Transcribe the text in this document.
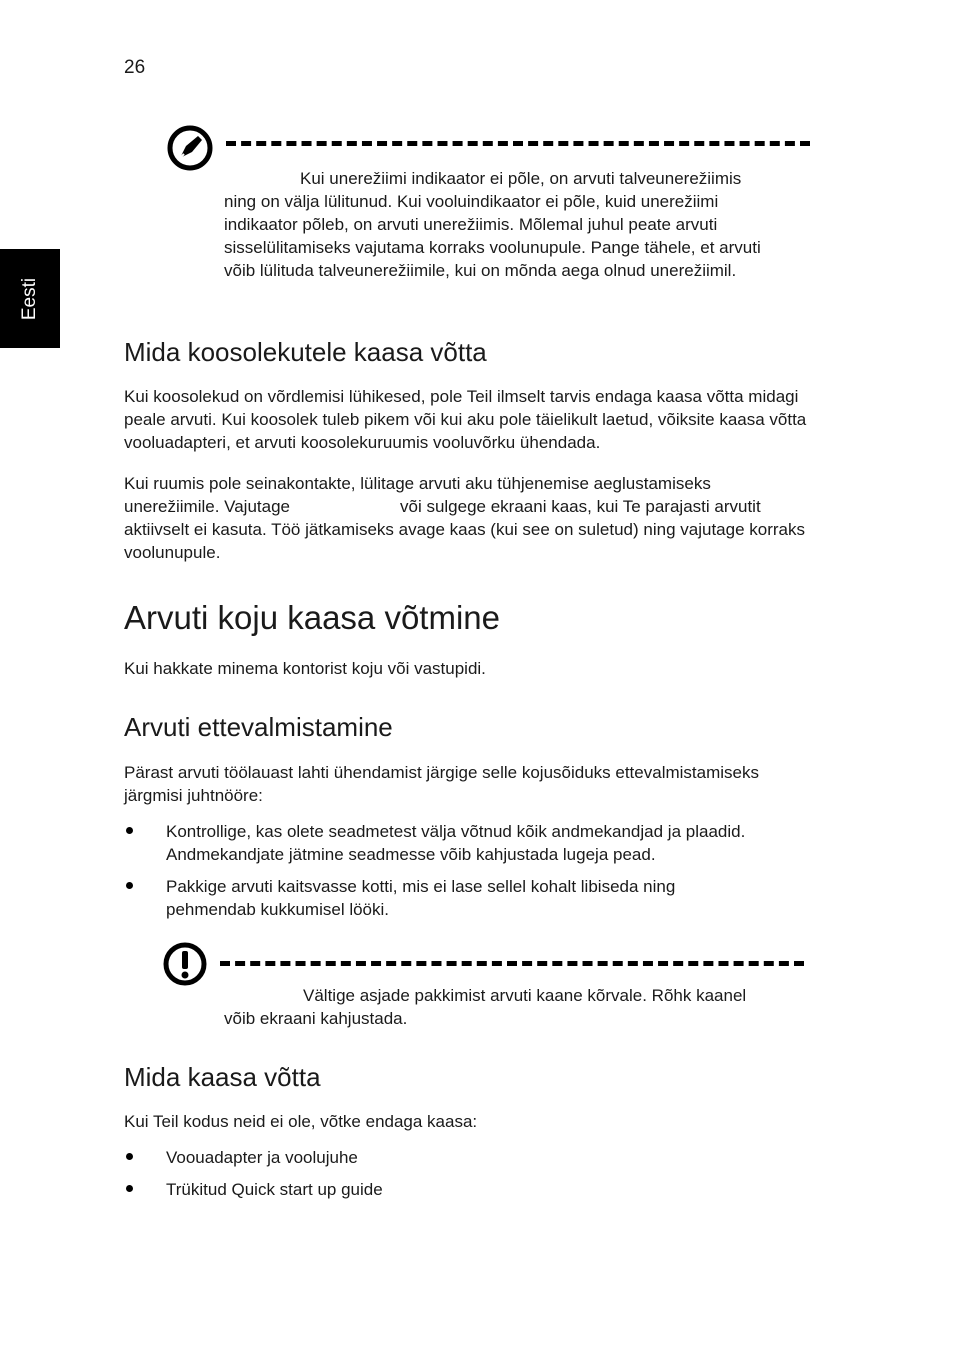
26
Eesti
Kui unerežiimi indikaator ei põle, on arvuti talveunerežiimis
ning on välja lülitunud. Kui vooluindikaator ei põle, kuid unerežiimi indikaator põleb, on arvuti unerežiimis. Mõlemal juhul peate arvuti sisselülitamiseks vajutama korraks voolunupule. Pange tähele, et arvuti võib lülituda talveunerežiimile, kui on mõnda aega olnud unerežiimil.
Mida koosolekutele kaasa võtta
Kui koosolekud on võrdlemisi lühikesed, pole Teil ilmselt tarvis endaga kaasa võtta midagi peale arvuti. Kui koosolek tuleb pikem või kui aku pole täielikult laetud, võiksite kaasa võtta vooluadapteri, et arvuti koosolekuruumis vooluvõrku ühendada.
Kui ruumis pole seinakontakte, lülitage arvuti aku tühjenemise aeglustamiseks
unerežiimile. Vajutage	või sulgege ekraani kaas, kui Te parajasti arvutit aktiivselt ei kasuta. Töö jätkamiseks avage kaas (kui see on suletud) ning vajutage korraks voolunupule.
Arvuti koju kaasa võtmine
Kui hakkate minema kontorist koju või vastupidi.
Arvuti ettevalmistamine
Pärast arvuti töölauast lahti ühendamist järgige selle kojusõiduks ettevalmistamiseks järgmisi juhtnööre:
Kontrollige, kas olete seadmetest välja võtnud kõik andmekandjad ja plaadid. Andmekandjate jätmine seadmesse võib kahjustada lugeja pead.
Pakkige arvuti kaitsvasse kotti, mis ei lase sellel kohalt libiseda ning pehmendab kukkumisel lööki.
Vältige asjade pakkimist arvuti kaane kõrvale. Rõhk kaanel
võib ekraani kahjustada.
Mida kaasa võtta
Kui Teil kodus neid ei ole, võtke endaga kaasa:
Voouadapter ja voolujuhe
Trükitud Quick start up guide
